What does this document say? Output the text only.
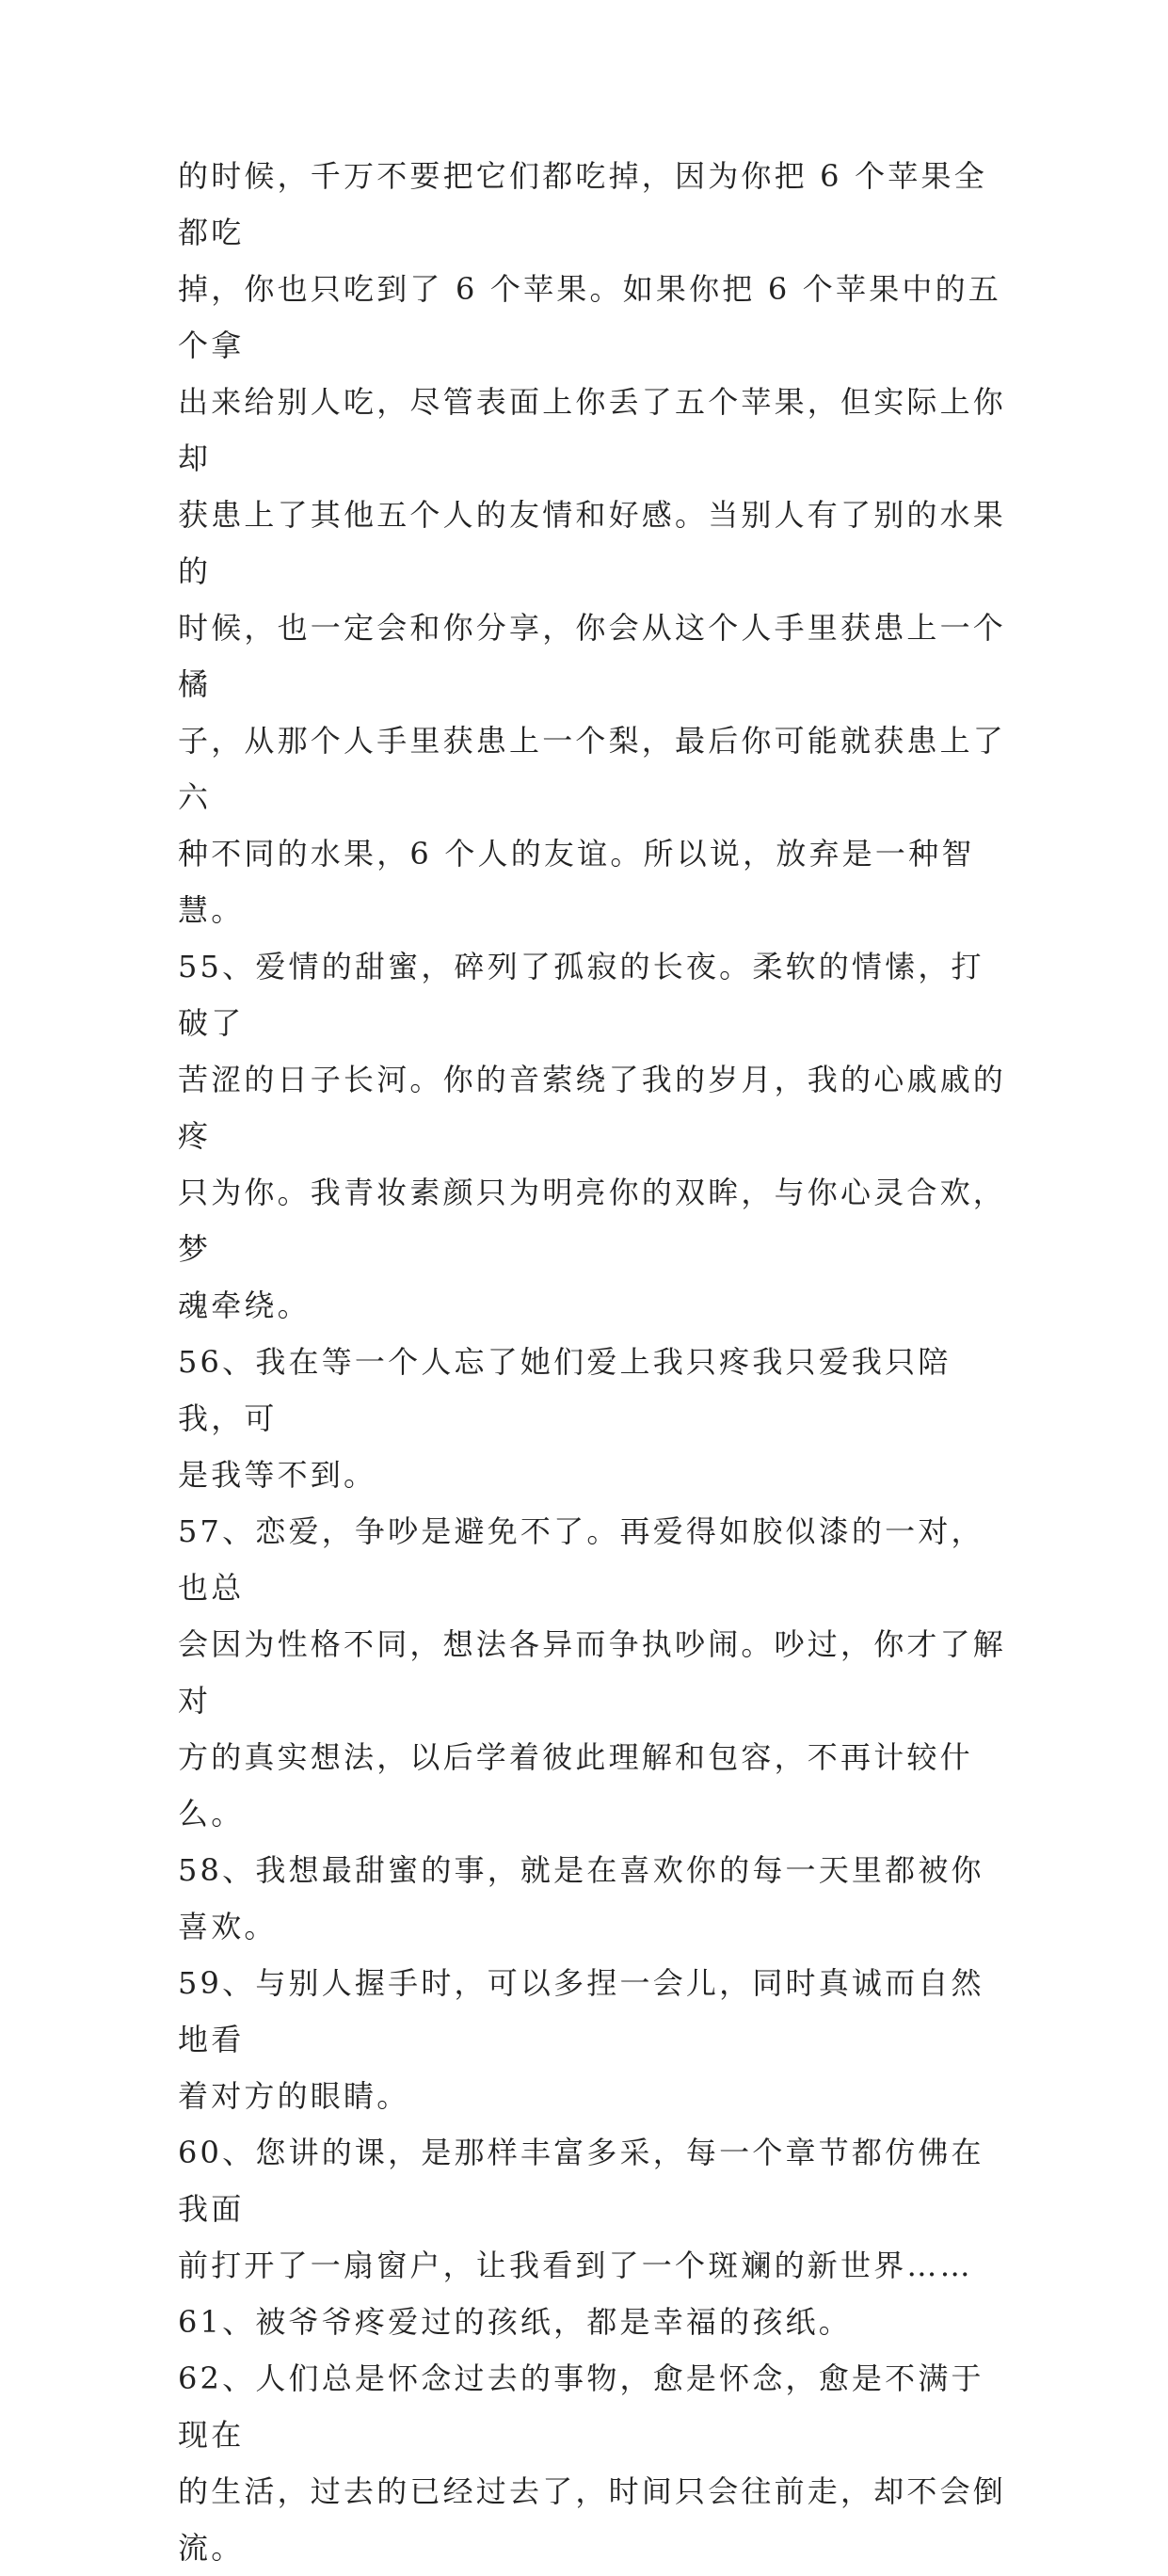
的时候，千万不要把它们都吃掉，因为你把 6 个苹果全都吃
掉，你也只吃到了 6 个苹果。如果你把 6 个苹果中的五个拿
出来给别人吃，尽管表面上你丢了五个苹果，但实际上你却
获患上了其他五个人的友情和好感。当别人有了别的水果的
时候，也一定会和你分享，你会从这个人手里获患上一个橘
子，从那个人手里获患上一个梨，最后你可能就获患上了六
种不同的水果，6 个人的友谊。所以说，放弃是一种智慧。

55、爱情的甜蜜，碎列了孤寂的长夜。柔软的情愫，打破了
苦涩的日子长河。你的音萦绕了我的岁月，我的心戚戚的疼
只为你。我青妆素颜只为明亮你的双眸，与你心灵合欢，梦
魂牵绕。

56、我在等一个人忘了她们爱上我只疼我只爱我只陪我，可
是我等不到。

57、恋爱，争吵是避免不了。再爱得如胶似漆的一对，也总
会因为性格不同，想法各异而争执吵闹。吵过，你才了解对
方的真实想法，以后学着彼此理解和包容，不再计较什么。

58、我想最甜蜜的事，就是在喜欢你的每一天里都被你喜欢。

59、与别人握手时，可以多捏一会儿，同时真诚而自然地看
着对方的眼睛。

60、您讲的课，是那样丰富多采，每一个章节都仿佛在我面
前打开了一扇窗户，让我看到了一个斑斓的新世界……

61、被爷爷疼爱过的孩纸，都是幸福的孩纸。

62、人们总是怀念过去的事物，愈是怀念，愈是不满于现在
的生活，过去的已经过去了，时间只会往前走，却不会倒流。
